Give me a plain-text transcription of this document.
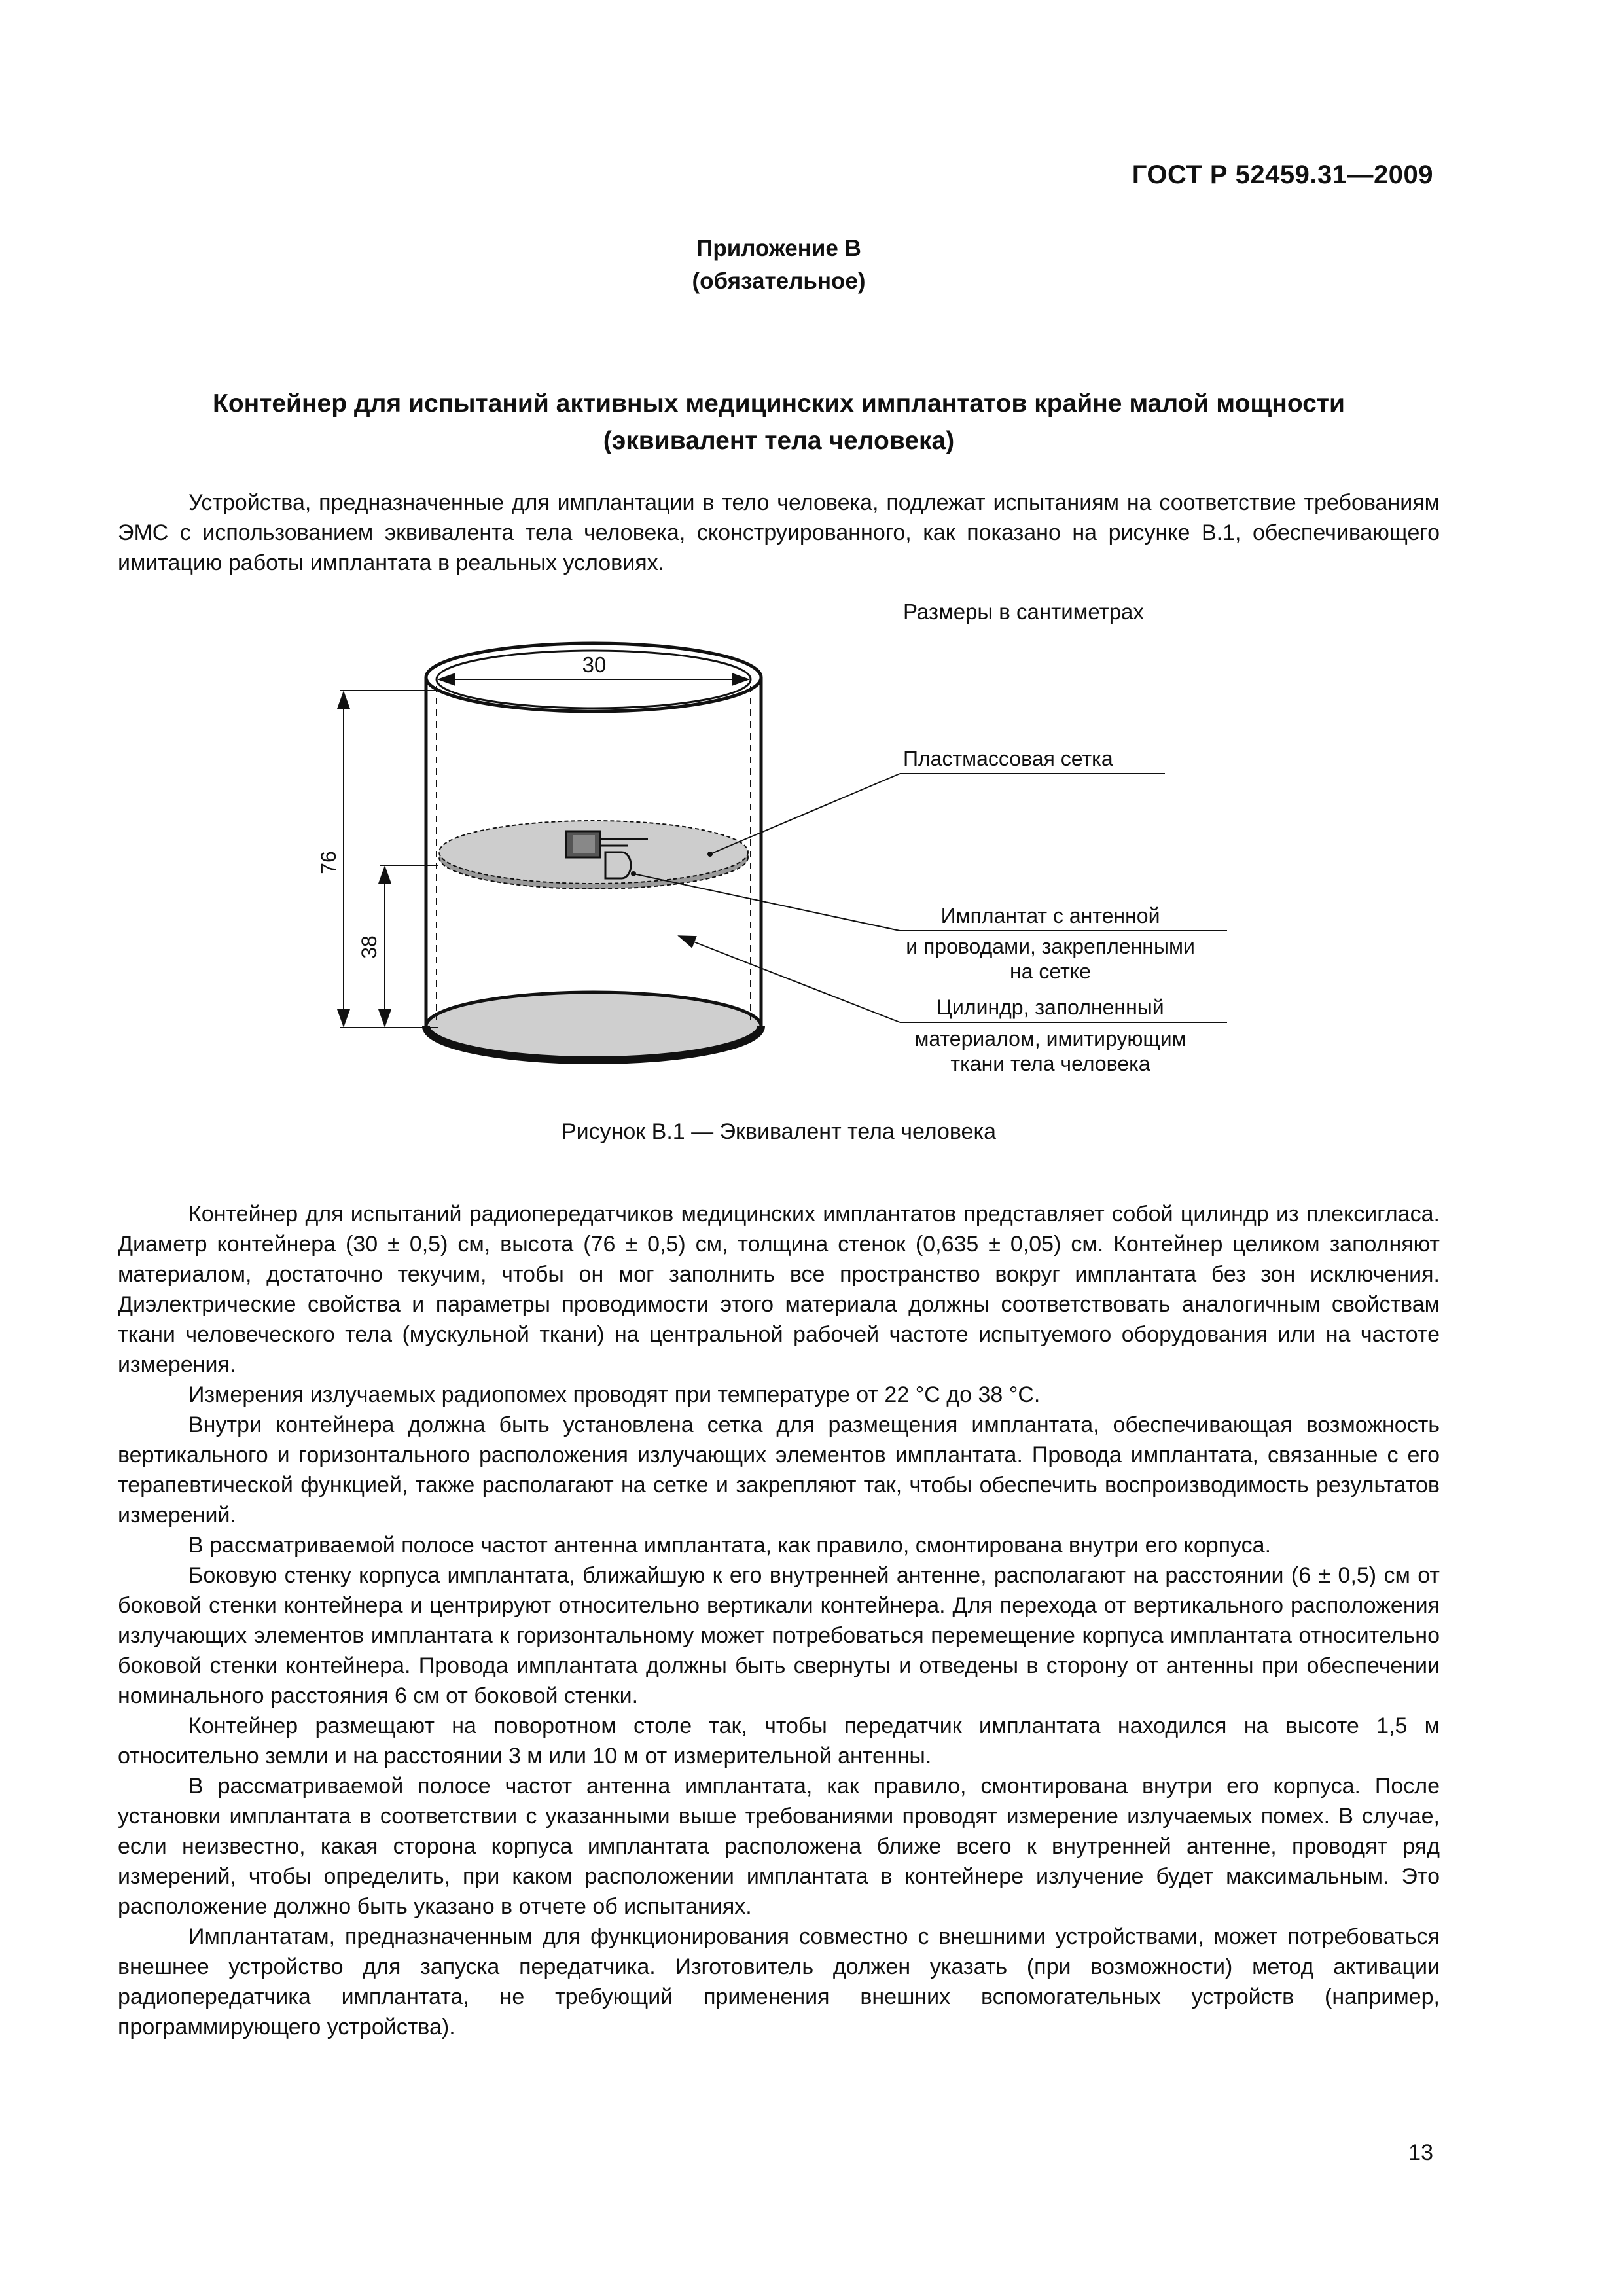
ГОСТ Р 52459.31—2009
Приложение В
(обязательное)
Контейнер для испытаний активных медицинских имплантатов крайне малой мощности
(эквивалент тела человека)

Устройства, предназначенные для имплантации в тело человека, подлежат испытаниям на соответствие требованиям ЭМС с использованием эквивалента тела человека, сконструированного, как показано на рисунке В.1, обеспечивающего имитацию работы имплантата в реальных условиях.

Размеры в сантиметрах
30
76
38
Пластмассовая сетка
Имплантат с антенной
и проводами, закрепленными
на сетке
Цилиндр, заполненный
материалом, имитирующим
ткани тела человека
Рисунок В.1 — Эквивалент тела человека

Контейнер для испытаний радиопередатчиков медицинских имплантатов представляет собой цилиндр из плексигласа. Диаметр контейнера (30 ± 0,5) см, высота (76 ± 0,5) см, толщина стенок (0,635 ± 0,05) см. Контейнер целиком заполняют материалом, достаточно текучим, чтобы он мог заполнить все пространство вокруг имплантата без зон исключения. Диэлектрические свойства и параметры проводимости этого материала должны соответствовать аналогичным свойствам ткани человеческого тела (мускульной ткани) на центральной рабочей частоте испытуемого оборудования или на частоте измерения.

Измерения излучаемых радиопомех проводят при температуре от 22 °С до 38 °С.

Внутри контейнера должна быть установлена сетка для размещения имплантата, обеспечивающая возможность вертикального и горизонтального расположения излучающих элементов имплантата. Провода имплантата, связанные с его терапевтической функцией, также располагают на сетке и закрепляют так, чтобы обеспечить воспроизводимость результатов измерений.

В рассматриваемой полосе частот антенна имплантата, как правило, смонтирована внутри его корпуса.

Боковую стенку корпуса имплантата, ближайшую к его внутренней антенне, располагают на расстоянии (6 ± 0,5) см от боковой стенки контейнера и центрируют относительно вертикали контейнера. Для перехода от вертикального расположения излучающих элементов имплантата к горизонтальному может потребоваться перемещение корпуса имплантата относительно боковой стенки контейнера. Провода имплантата должны быть свернуты и отведены в сторону от антенны при обеспечении номинального расстояния 6 см от боковой стенки.

Контейнер размещают на поворотном столе так, чтобы передатчик имплантата находился на высоте 1,5 м относительно земли и на расстоянии 3 м или 10 м от измерительной антенны.

В рассматриваемой полосе частот антенна имплантата, как правило, смонтирована внутри его корпуса. После установки имплантата в соответствии с указанными выше требованиями проводят измерение излучаемых помех. В случае, если неизвестно, какая сторона корпуса имплантата расположена ближе всего к внутренней антенне, проводят ряд измерений, чтобы определить, при каком расположении имплантата в контейнере излучение будет максимальным. Это расположение должно быть указано в отчете об испытаниях.

Имплантатам, предназначенным для функционирования совместно с внешними устройствами, может потребоваться внешнее устройство для запуска передатчика. Изготовитель должен указать (при возможности) метод активации радиопередатчика имплантата, не требующий применения внешних вспомогательных устройств (например, программирующего устройства).

13
